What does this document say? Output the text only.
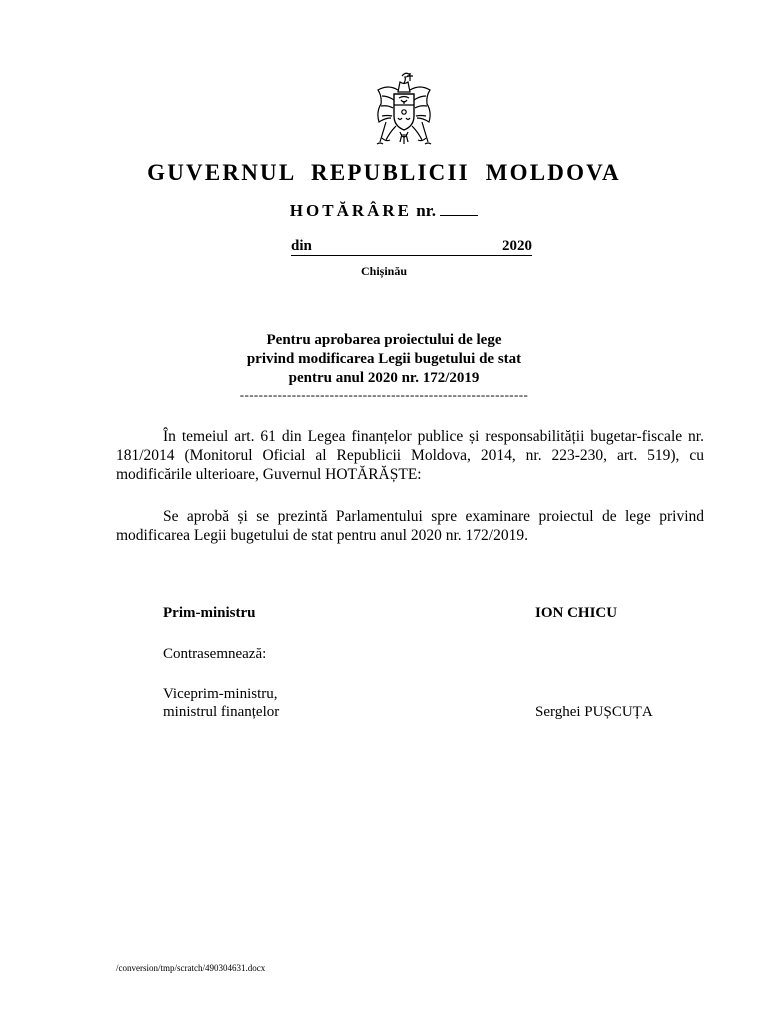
GUVERNUL REPUBLICII MOLDOVA
HOTĂRÂRE nr.
din	2020
Chișinău
Pentru aprobarea proiectului de lege
privind modificarea Legii bugetului de stat
pentru anul 2020 nr. 172/2019
-------------------------------------------------------------
În temeiul art. 61 din Legea finanțelor publice și responsabilității bugetar-fiscale nr. 181/2014 (Monitorul Oficial al Republicii Moldova, 2014, nr. 223-230, art. 519), cu modificările ulterioare, Guvernul HOTĂRĂȘTE:
Se aprobă și se prezintă Parlamentului spre examinare proiectul de lege privind modificarea Legii bugetului de stat pentru anul 2020 nr. 172/2019.
Prim-ministru	ION CHICU
Contrasemnează:
Viceprim-ministru,
ministrul finanțelor	Serghei PUȘCUȚA
/conversion/tmp/scratch/490304631.docx
